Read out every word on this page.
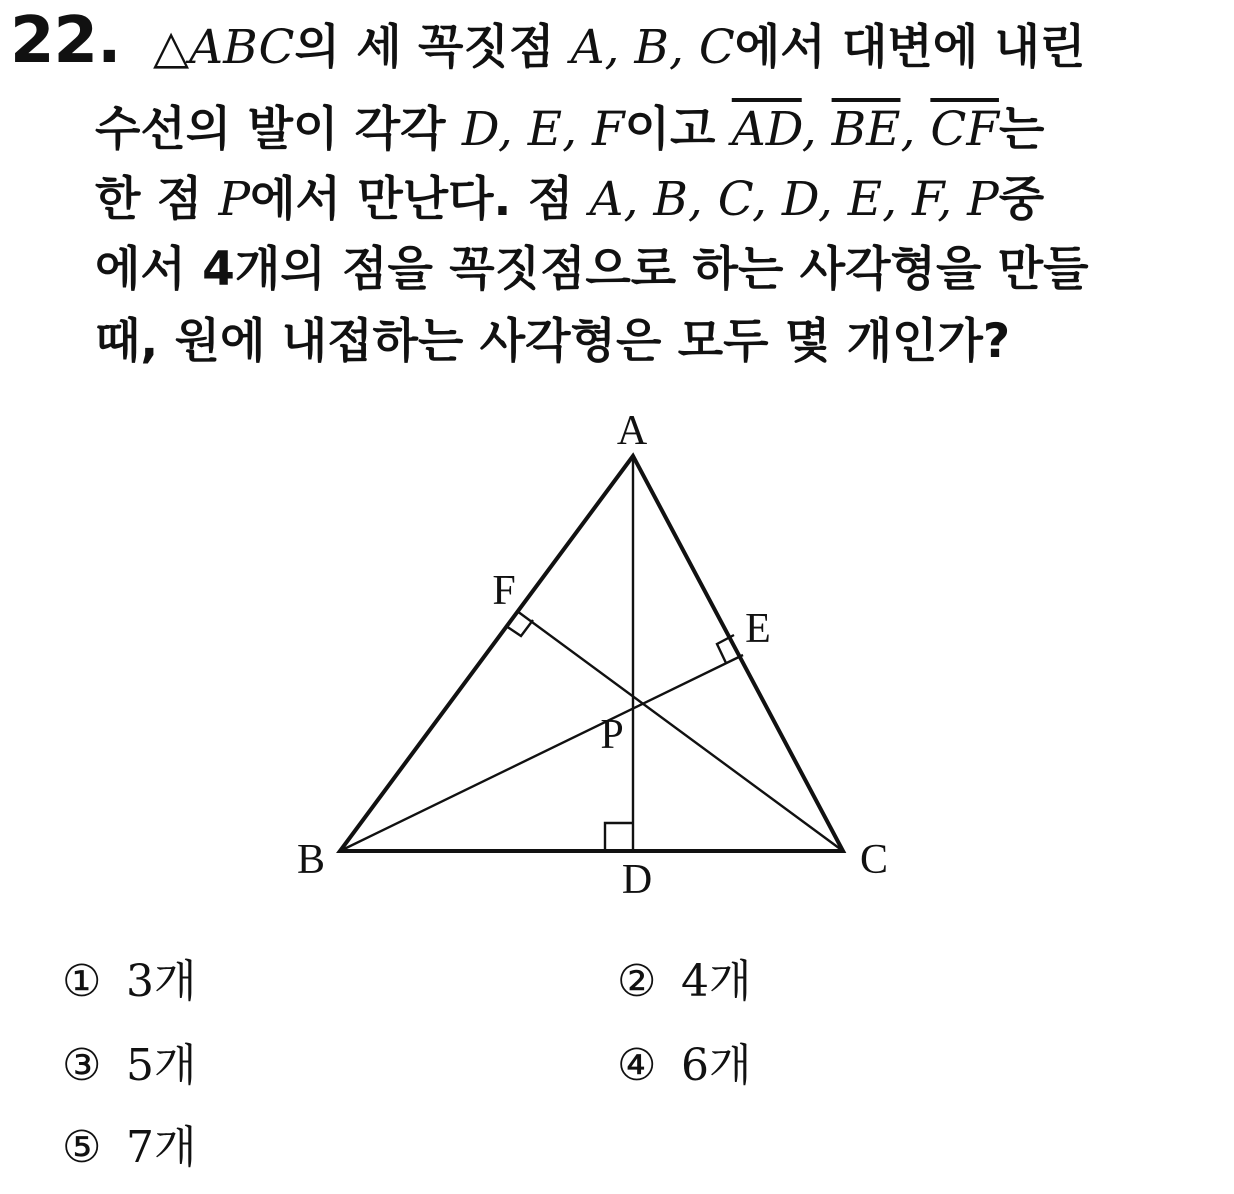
22. △ABC의 세 꼭짓점 A, B, C에서 대변에 내린
수선의 발이 각각 D, E, F이고 $\overline{AD}$, $\overline{BE}$, $\overline{CF}$는
한 점 P에서 만난다. 점 A, B, C, D, E, F, P중
에서 4개의 점을 꼭짓점으로 하는 사각형을 만들
때, 원에 내접하는 사각형은 모두 몇 개인가?
A
B	C
D
E
F
P
① 3개	② 4개
③ 5개	④ 6개
⑤ 7개
